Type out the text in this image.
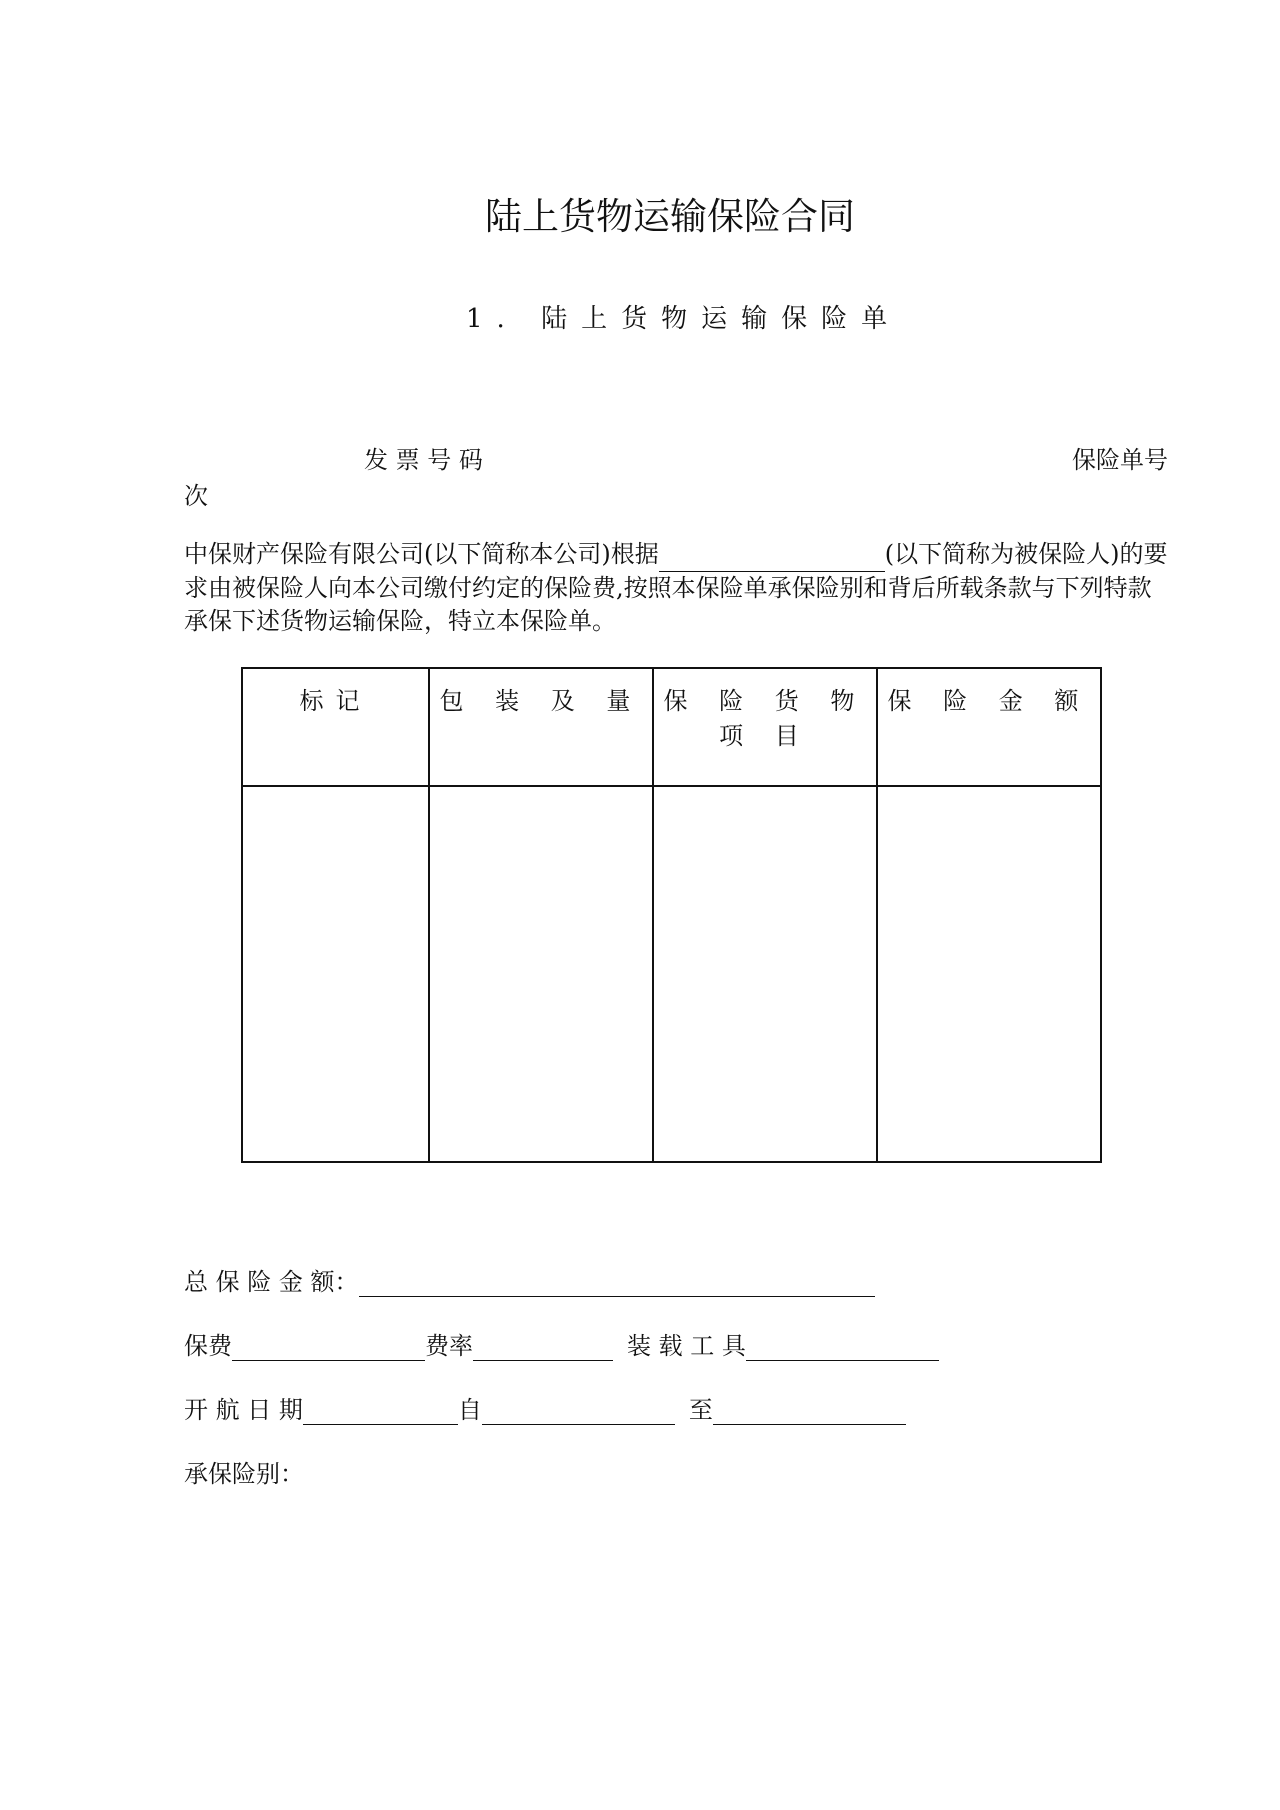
陆上货物运输保险合同
1. 陆上货物运输保险单
发 票 号 码	保险单号
次
中保财产保险有限公司(以下简称本公司)根据	(以下简称为被保险人)的要求由被保险人向本公司缴付约定的保险费,按照本保险单承保险别和背后所载条款与下列特款承保下述货物运输保险，特立本保险单。
标记	包 装 及 量	保 险 货 物 项 目	保 险 金 额

总 保 险 金 额：
保费	费率	装 载 工 具
开 航 日 期	自	至
承保险别：
